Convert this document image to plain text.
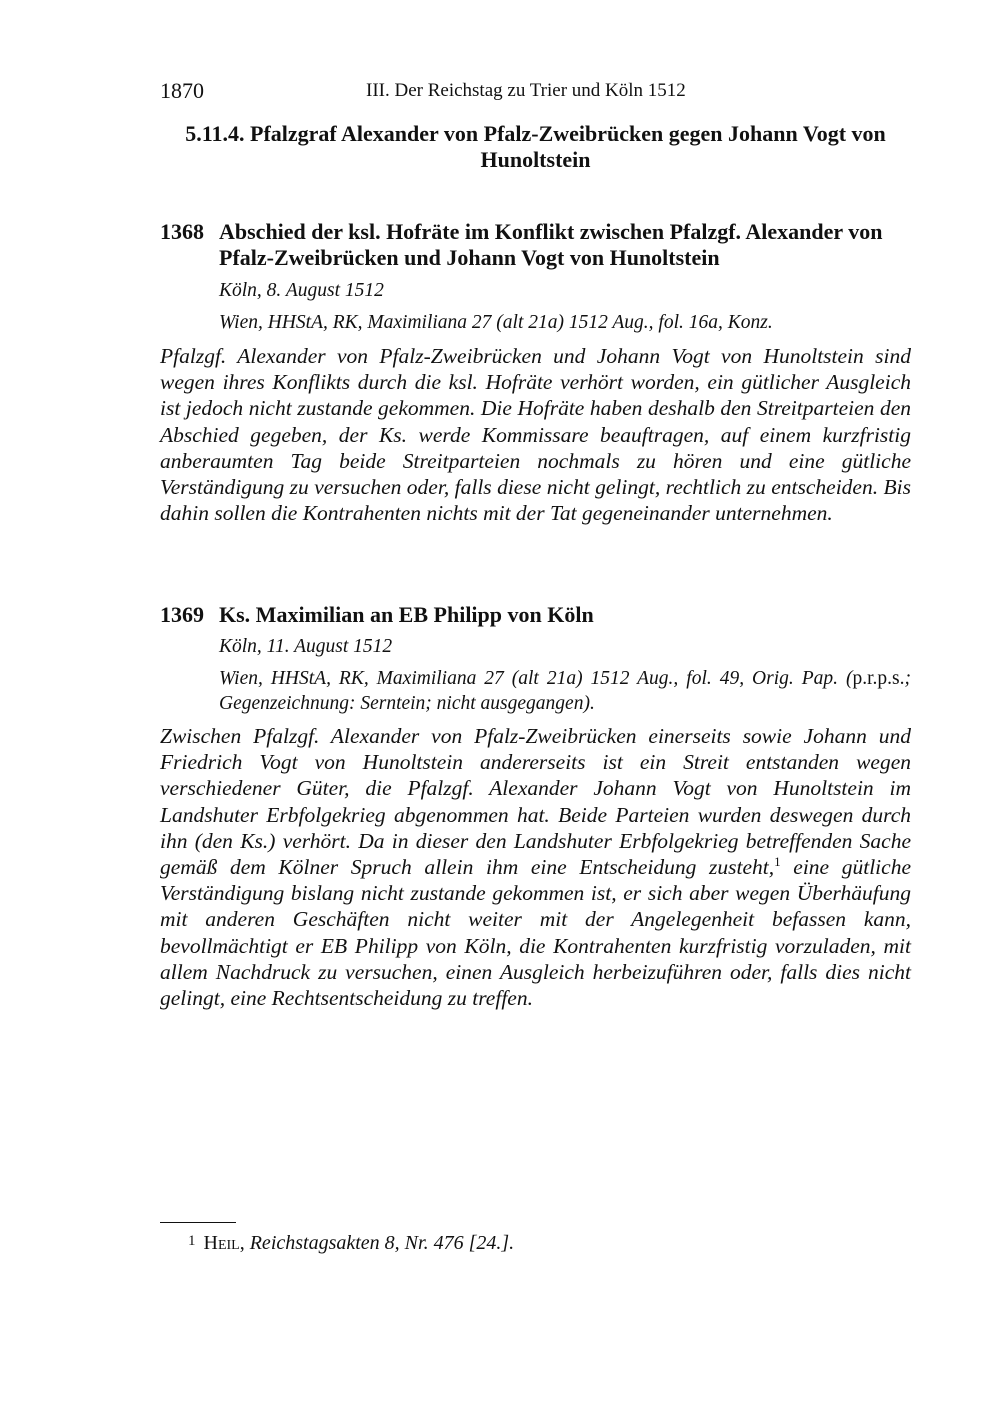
1870	III. Der Reichstag zu Trier und Köln 1512
5.11.4. Pfalzgraf Alexander von Pfalz-Zweibrücken gegen Johann Vogt von Hunoltstein
1368 Abschied der ksl. Hofräte im Konflikt zwischen Pfalzgf. Alexander von Pfalz-Zweibrücken und Johann Vogt von Hunoltstein
Köln, 8. August 1512
Wien, HHStA, RK, Maximiliana 27 (alt 21a) 1512 Aug., fol. 16a, Konz.

Pfalzgf. Alexander von Pfalz-Zweibrücken und Johann Vogt von Hunoltstein sind wegen ihres Konflikts durch die ksl. Hofräte verhört worden, ein gütlicher Ausgleich ist jedoch nicht zustande gekommen. Die Hofräte haben deshalb den Streitparteien den Abschied gegeben, der Ks. werde Kommissare beauftragen, auf einem kurzfristig anberaumten Tag beide Streitparteien nochmals zu hören und eine gütliche Verständigung zu versuchen oder, falls diese nicht gelingt, rechtlich zu entscheiden. Bis dahin sollen die Kontrahenten nichts mit der Tat gegeneinander unternehmen.

1369 Ks. Maximilian an EB Philipp von Köln
Köln, 11. August 1512
Wien, HHStA, RK, Maximiliana 27 (alt 21a) 1512 Aug., fol. 49, Orig. Pap. (p.r.p.s.; Gegenzeichnung: Serntein; nicht ausgegangen).

Zwischen Pfalzgf. Alexander von Pfalz-Zweibrücken einerseits sowie Johann und Friedrich Vogt von Hunoltstein andererseits ist ein Streit entstanden wegen verschiedener Güter, die Pfalzgf. Alexander Johann Vogt von Hunoltstein im Landshuter Erbfolgekrieg abgenommen hat. Beide Parteien wurden deswegen durch ihn (den Ks.) verhört. Da in dieser den Landshuter Erbfolgekrieg betreffenden Sache gemäß dem Kölner Spruch allein ihm eine Entscheidung zusteht,$^1$ eine gütliche Verständigung bislang nicht zustande gekommen ist, er sich aber wegen Überhäufung mit anderen Geschäften nicht weiter mit der Angelegenheit befassen kann, bevollmächtigt er EB Philipp von Köln, die Kontrahenten kurzfristig vorzuladen, mit allem Nachdruck zu versuchen, einen Ausgleich herbeizuführen oder, falls dies nicht gelingt, eine Rechtsentscheidung zu treffen.

$^1$ Heil, Reichstagsakten 8, Nr. 476 [24.].
